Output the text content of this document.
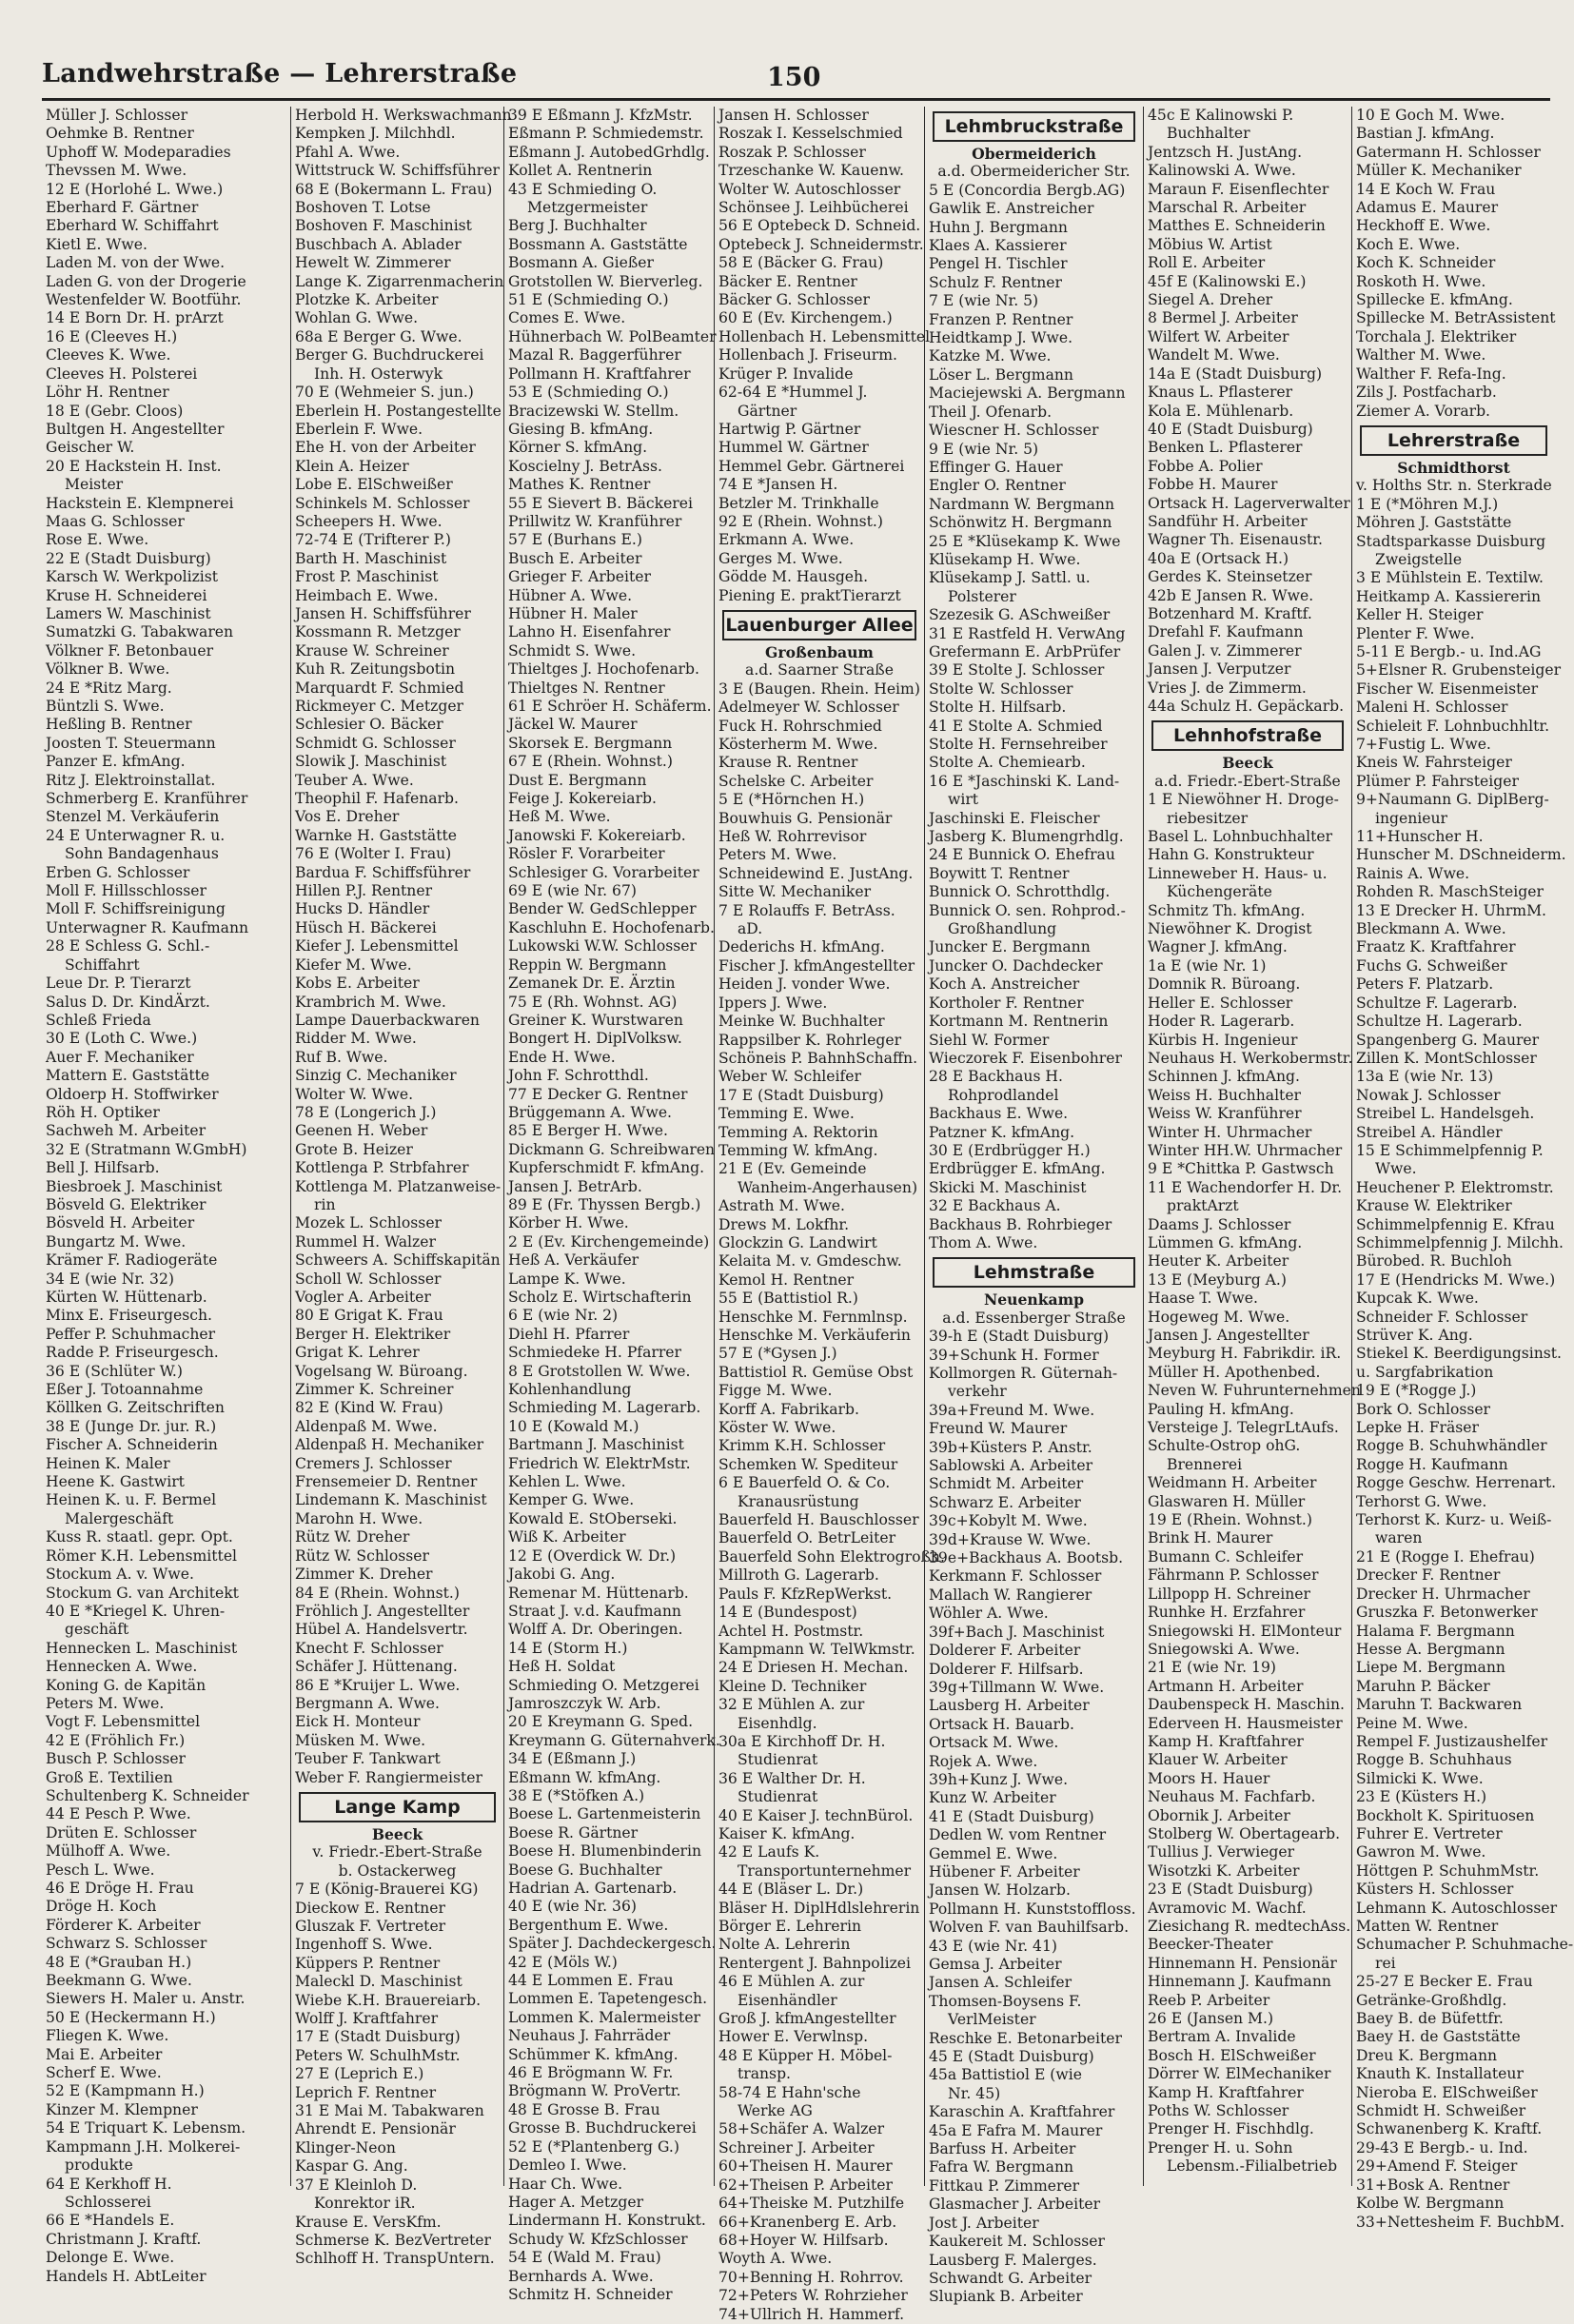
Landwehrstraße — Lehrerstraße	150
Müller J. Schlosser
Oehmke B. Rentner
Uphoff W. Modeparadies
Thevssen M. Wwe.
12 E (Horlohé L. Wwe.)
Eberhard F. Gärtner
Eberhard W. Schiffahrt
Kietl E. Wwe.
Laden M. von der Wwe.
Laden G. von der Drogerie
Westenfelder W. Bootführ.
14 E Born Dr. H. prArzt
16 E (Cleeves H.)
Cleeves K. Wwe.
Cleeves H. Polsterei
Löhr H. Rentner
18 E (Gebr. Cloos)
Bultgen H. Angestellter
Geischer W.
20 E Hackstein H. Inst.
Meister
Hackstein E. Klempnerei
Maas G. Schlosser
Rose E. Wwe.
22 E (Stadt Duisburg)
Karsch W. Werkpolizist
Kruse H. Schneiderei
Lamers W. Maschinist
Sumatzki G. Tabakwaren
Völkner F. Betonbauer
Völkner B. Wwe.
24 E *Ritz Marg.
Büntzli S. Wwe.
Heßling B. Rentner
Joosten T. Steuermann
Panzer E. kfmAng.
Ritz J. Elektroinstallat.
Schmerberg E. Kranführer
Stenzel M. Verkäuferin
24 E Unterwagner R. u.
Sohn Bandagenhaus
Erben G. Schlosser
Moll F. Hillsschlosser
Moll F. Schiffsreinigung
Unterwagner R. Kaufmann
28 E Schless G. Schl.-
Schiffahrt
Leue Dr. P. Tierarzt
Salus D. Dr. KindÄrzt.
Schleß Frieda
30 E (Loth C. Wwe.)
Auer F. Mechaniker
Mattern E. Gaststätte
Oldoerp H. Stoffwirker
Röh H. Optiker
Sachweh M. Arbeiter
32 E (Stratmann W.GmbH)
Bell J. Hilfsarb.
Biesbroek J. Maschinist
Bösveld G. Elektriker
Bösveld H. Arbeiter
Bungartz M. Wwe.
Krämer F. Radiogeräte
34 E (wie Nr. 32)
Kürten W. Hüttenarb.
Minx E. Friseurgesch.
Peffer P. Schuhmacher
Radde P. Friseurgesch.
36 E (Schlüter W.)
Eßer J. Totoannahme
Köllken G. Zeitschriften
38 E (Junge Dr. jur. R.)
Fischer A. Schneiderin
Heinen K. Maler
Heene K. Gastwirt
Heinen K. u. F. Bermel
Malergeschäft
Kuss R. staatl. gepr. Opt.
Römer K.H. Lebensmittel
Stockum A. v. Wwe.
Stockum G. van Architekt
40 E *Kriegel K. Uhren-
geschäft
Hennecken L. Maschinist
Hennecken A. Wwe.
Koning G. de Kapitän
Peters M. Wwe.
Vogt F. Lebensmittel
42 E (Fröhlich Fr.)
Busch P. Schlosser
Groß E. Textilien
Schultenberg K. Schneider
44 E Pesch P. Wwe.
Drüten E. Schlosser
Mülhoff A. Wwe.
Pesch L. Wwe.
46 E Dröge H. Frau
Dröge H. Koch
Förderer K. Arbeiter
Schwarz S. Schlosser
48 E (*Grauban H.)
Beekmann G. Wwe.
Siewers H. Maler u. Anstr.
50 E (Heckermann H.)
Fliegen K. Wwe.
Mai E. Arbeiter
Scherf E. Wwe.
52 E (Kampmann H.)
Kinzer M. Klempner
54 E Triquart K. Lebensm.
Kampmann J.H. Molkerei-
produkte
64 E Kerkhoff H.
Schlosserei
66 E *Handels E.
Christmann J. Kraftf.
Delonge E. Wwe.
Handels H. AbtLeiter
Herbold H. Werkswachmann
Kempken J. Milchhdl.
Pfahl A. Wwe.
Wittstruck W. Schiffsführer
68 E (Bokermann L. Frau)
Boshoven T. Lotse
Boshoven F. Maschinist
Buschbach A. Ablader
Hewelt W. Zimmerer
Lange K. Zigarrenmacherin
Plotzke K. Arbeiter
Wohlan G. Wwe.
68a E Berger G. Wwe.
Berger G. Buchdruckerei
Inh. H. Osterwyk
70 E (Wehmeier S. jun.)
Eberlein H. Postangestellte
Eberlein F. Wwe.
Ehe H. von der Arbeiter
Klein A. Heizer
Lobe E. ElSchweißer
Schinkels M. Schlosser
Scheepers H. Wwe.
72-74 E (Trifterer P.)
Barth H. Maschinist
Frost P. Maschinist
Heimbach E. Wwe.
Jansen H. Schiffsführer
Kossmann R. Metzger
Krause W. Schreiner
Kuh R. Zeitungsbotin
Marquardt F. Schmied
Rickmeyer C. Metzger
Schlesier O. Bäcker
Schmidt G. Schlosser
Slowik J. Maschinist
Teuber A. Wwe.
Theophil F. Hafenarb.
Vos E. Dreher
Warnke H. Gaststätte
76 E (Wolter I. Frau)
Bardua F. Schiffsführer
Hillen P.J. Rentner
Hucks D. Händler
Hüsch H. Bäckerei
Kiefer J. Lebensmittel
Kiefer M. Wwe.
Kobs E. Arbeiter
Krambrich M. Wwe.
Lampe Dauerbackwaren
Ridder M. Wwe.
Ruf B. Wwe.
Sinzig C. Mechaniker
Wolter W. Wwe.
78 E (Longerich J.)
Geenen H. Weber
Grote B. Heizer
Kottlenga P. Strbfahrer
Kottlenga M. Platzanweise-
rin
Mozek L. Schlosser
Rummel H. Walzer
Schweers A. Schiffskapitän
Scholl W. Schlosser
Vogler A. Arbeiter
80 E Grigat K. Frau
Berger H. Elektriker
Grigat K. Lehrer
Vogelsang W. Büroang.
Zimmer K. Schreiner
82 E (Kind W. Frau)
Aldenpaß M. Wwe.
Aldenpaß H. Mechaniker
Cremers J. Schlosser
Frensemeier D. Rentner
Lindemann K. Maschinist
Marohn H. Wwe.
Rütz W. Dreher
Rütz W. Schlosser
Zimmer K. Dreher
84 E (Rhein. Wohnst.)
Fröhlich J. Angestellter
Hübel A. Handelsvertr.
Knecht F. Schlosser
Schäfer J. Hüttenang.
86 E *Kruijer L. Wwe.
Bergmann A. Wwe.
Eick H. Monteur
Müsken M. Wwe.
Teuber F. Tankwart
Weber F. Rangiermeister
Lange Kamp
Beeck
v. Friedr.-Ebert-Straße
b. Ostackerweg
7 E (König-Brauerei KG)
Dieckow E. Rentner
Gluszak F. Vertreter
Ingenhoff S. Wwe.
Küppers P. Rentner
Maleckl D. Maschinist
Wiebe K.H. Brauereiarb.
Wolff J. Kraftfahrer
17 E (Stadt Duisburg)
Peters W. SchulhMstr.
27 E (Leprich E.)
Leprich F. Rentner
31 E Mai M. Tabakwaren
Ahrendt E. Pensionär
Klinger-Neon
Kaspar G. Ang.
37 E Kleinloh D.
Konrektor iR.
Krause E. VersKfm.
Schmerse K. BezVertreter
Schlhoff H. TranspUntern.
39 E Eßmann J. KfzMstr.
Eßmann P. Schmiedemstr.
Eßmann J. AutobedGrhdlg.
Kollet A. Rentnerin
43 E Schmieding O.
Metzgermeister
Berg J. Buchhalter
Bossmann A. Gaststätte
Bosmann A. Gießer
Grotstollen W. Bierverleg.
51 E (Schmieding O.)
Comes E. Wwe.
Hühnerbach W. PolBeamter
Mazal R. Baggerführer
Pollmann H. Kraftfahrer
53 E (Schmieding O.)
Bracizewski W. Stellm.
Giesing B. kfmAng.
Körner S. kfmAng.
Koscielny J. BetrAss.
Mathes K. Rentner
55 E Sievert B. Bäckerei
Prillwitz W. Kranführer
57 E (Burhans E.)
Busch E. Arbeiter
Grieger F. Arbeiter
Hübner A. Wwe.
Hübner H. Maler
Lahno H. Eisenfahrer
Schmidt S. Wwe.
Thieltges J. Hochofenarb.
Thieltges N. Rentner
61 E Schröer H. Schäferm.
Jäckel W. Maurer
Skorsek E. Bergmann
67 E (Rhein. Wohnst.)
Dust E. Bergmann
Feige J. Kokereiarb.
Heß M. Wwe.
Janowski F. Kokereiarb.
Rösler F. Vorarbeiter
Schlesiger G. Vorarbeiter
69 E (wie Nr. 67)
Bender W. GedSchlepper
Kaschluhn E. Hochofenarb.
Lukowski W.W. Schlosser
Reppin W. Bergmann
Zemanek Dr. E. Ärztin
75 E (Rh. Wohnst. AG)
Greiner K. Wurstwaren
Bongert H. DiplVolksw.
Ende H. Wwe.
John F. Schrotthdl.
77 E Decker G. Rentner
Brüggemann A. Wwe.
85 E Berger H. Wwe.
Dickmann G. Schreibwaren
Kupferschmidt F. kfmAng.
Jansen J. BetrArb.
89 E (Fr. Thyssen Bergb.)
Körber H. Wwe.
2 E (Ev. Kirchengemeinde)
Heß A. Verkäufer
Lampe K. Wwe.
Scholz E. Wirtschafterin
6 E (wie Nr. 2)
Diehl H. Pfarrer
Schmiedeke H. Pfarrer
8 E Grotstollen W. Wwe.
Kohlenhandlung
Schmieding M. Lagerarb.
10 E (Kowald M.)
Bartmann J. Maschinist
Friedrich W. ElektrMstr.
Kehlen L. Wwe.
Kemper G. Wwe.
Kowald E. StOberseki.
Wiß K. Arbeiter
12 E (Overdick W. Dr.)
Jakobi G. Ang.
Remenar M. Hüttenarb.
Straat J. v.d. Kaufmann
Wolff A. Dr. Oberingen.
14 E (Storm H.)
Heß H. Soldat
Schmieding O. Metzgerei
Jamroszczyk W. Arb.
20 E Kreymann G. Sped.
Kreymann G. Güternahverk.
34 E (Eßmann J.)
Eßmann W. kfmAng.
38 E (*Stöfken A.)
Boese L. Gartenmeisterin
Boese R. Gärtner
Boese H. Blumenbinderin
Boese G. Buchhalter
Hadrian A. Gartenarb.
40 E (wie Nr. 36)
Bergenthum E. Wwe.
Später J. Dachdeckergesch.
42 E (Möls W.)
44 E Lommen E. Frau
Lommen E. Tapetengesch.
Lommen K. Malermeister
Neuhaus J. Fahrräder
Schümmer K. kfmAng.
46 E Brögmann W. Fr.
Brögmann W. ProVertr.
48 E Grosse B. Frau
Grosse B. Buchdruckerei
52 E (*Plantenberg G.)
Demleo I. Wwe.
Haar Ch. Wwe.
Hager A. Metzger
Lindermann H. Konstrukt.
Schudy W. KfzSchlosser
54 E (Wald M. Frau)
Bernhards A. Wwe.
Schmitz H. Schneider
Jansen H. Schlosser
Roszak I. Kesselschmied
Roszak P. Schlosser
Trzeschanke W. Kauenw.
Wolter W. Autoschlosser
Schönsee J. Leihbücherei
56 E Optebeck D. Schneid.
Optebeck J. Schneidermstr.
58 E (Bäcker G. Frau)
Bäcker E. Rentner
Bäcker G. Schlosser
60 E (Ev. Kirchengem.)
Hollenbach H. Lebensmittel
Hollenbach J. Friseurm.
Krüger P. Invalide
62-64 E *Hummel J.
Gärtner
Hartwig P. Gärtner
Hummel W. Gärtner
Hemmel Gebr. Gärtnerei
74 E *Jansen H.
Betzler M. Trinkhalle
92 E (Rhein. Wohnst.)
Erkmann A. Wwe.
Gerges M. Wwe.
Gödde M. Hausgeh.
Piening E. praktTierarzt
Lauenburger Allee
Großenbaum
a.d. Saarner Straße
3 E (Baugen. Rhein. Heim)
Adelmeyer W. Schlosser
Fuck H. Rohrschmied
Kösterherm M. Wwe.
Krause R. Rentner
Schelske C. Arbeiter
5 E (*Hörnchen H.)
Bouwhuis G. Pensionär
Heß W. Rohrrevisor
Peters M. Wwe.
Schneidewind E. JustAng.
Sitte W. Mechaniker
7 E Rolauffs F. BetrAss.
aD.
Dederichs H. kfmAng.
Fischer J. kfmAngestellter
Heiden J. vonder Wwe.
Ippers J. Wwe.
Meinke W. Buchhalter
Rappsilber K. Rohrleger
Schöneis P. BahnhSchaffn.
Weber W. Schleifer
17 E (Stadt Duisburg)
Temming E. Wwe.
Temming A. Rektorin
Temming W. kfmAng.
21 E (Ev. Gemeinde
Wanheim-Angerhausen)
Astrath M. Wwe.
Drews M. Lokfhr.
Glockzin G. Landwirt
Kelaita M. v. Gmdeschw.
Kemol H. Rentner
55 E (Battistiol R.)
Henschke M. Fernmlnsp.
Henschke M. Verkäuferin
57 E (*Gysen J.)
Battistiol R. Gemüse Obst
Figge M. Wwe.
Korff A. Fabrikarb.
Köster W. Wwe.
Krimm K.H. Schlosser
Schemken W. Spediteur
6 E Bauerfeld O. & Co.
Kranausrüstung
Bauerfeld H. Bauschlosser
Bauerfeld O. BetrLeiter
Bauerfeld Sohn Elektrogroßh.
Millroth G. Lagerarb.
Pauls F. KfzRepWerkst.
14 E (Bundespost)
Achtel H. Postmstr.
Kampmann W. TelWkmstr.
24 E Driesen H. Mechan.
Kleine D. Techniker
32 E Mühlen A. zur
Eisenhdlg.
30a E Kirchhoff Dr. H.
Studienrat
36 E Walther Dr. H.
Studienrat
40 E Kaiser J. technBürol.
Kaiser K. kfmAng.
42 E Laufs K.
Transportunternehmer
44 E (Bläser L. Dr.)
Bläser H. DiplHdlslehrerin
Börger E. Lehrerin
Nolte A. Lehrerin
Rentergent J. Bahnpolizei
46 E Mühlen A. zur
Eisenhändler
Groß J. kfmAngestellter
Hower E. Verwlnsp.
48 E Küpper H. Möbel-
transp.
58-74 E Hahn'sche
Werke AG
58+Schäfer A. Walzer
Schreiner J. Arbeiter
60+Theisen H. Maurer
62+Theisen P. Arbeiter
64+Theiske M. Putzhilfe
66+Kranenberg E. Arb.
68+Hoyer W. Hilfsarb.
Woyth A. Wwe.
70+Benning H. Rohrrov.
72+Peters W. Rohrzieher
74+Ullrich H. Hammerf.
Lehmbruckstraße
Obermeiderich
a.d. Obermeidericher Str.
5 E (Concordia Bergb.AG)
Gawlik E. Anstreicher
Huhn J. Bergmann
Klaes A. Kassierer
Pengel H. Tischler
Schulz F. Rentner
7 E (wie Nr. 5)
Franzen P. Rentner
Heidtkamp J. Wwe.
Katzke M. Wwe.
Löser L. Bergmann
Maciejewski A. Bergmann
Theil J. Ofenarb.
Wiescner H. Schlosser
9 E (wie Nr. 5)
Effinger G. Hauer
Engler O. Rentner
Nardmann W. Bergmann
Schönwitz H. Bergmann
25 E *Klüsekamp K. Wwe
Klüsekamp H. Wwe.
Klüsekamp J. Sattl. u.
Polsterer
Szezesik G. ASchweißer
31 E Rastfeld H. VerwAng
Grefermann E. ArbPrüfer
39 E Stolte J. Schlosser
Stolte W. Schlosser
Stolte H. Hilfsarb.
41 E Stolte A. Schmied
Stolte H. Fernsehreiber
Stolte A. Chemiearb.
16 E *Jaschinski K. Land-
wirt
Jaschinski E. Fleischer
Jasberg K. Blumengrhdlg.
24 E Bunnick O. Ehefrau
Boywitt T. Rentner
Bunnick O. Schrotthdlg.
Bunnick O. sen. Rohprod.-
Großhandlung
Juncker E. Bergmann
Juncker O. Dachdecker
Koch A. Anstreicher
Kortholer F. Rentner
Kortmann M. Rentnerin
Siehl W. Former
Wieczorek F. Eisenbohrer
28 E Backhaus H.
Rohprodlandel
Backhaus E. Wwe.
Patzner K. kfmAng.
30 E (Erdbrügger H.)
Erdbrügger E. kfmAng.
Skicki M. Maschinist
32 E Backhaus A.
Backhaus B. Rohrbieger
Thom A. Wwe.
Lehmstraße
Neuenkamp
a.d. Essenberger Straße
39-h E (Stadt Duisburg)
39+Schunk H. Former
Kollmorgen R. Güternah-
verkehr
39a+Freund M. Wwe.
Freund W. Maurer
39b+Küsters P. Anstr.
Sablowski A. Arbeiter
Schmidt M. Arbeiter
Schwarz E. Arbeiter
39c+Kobylt M. Wwe.
39d+Krause W. Wwe.
39e+Backhaus A. Bootsb.
Kerkmann F. Schlosser
Mallach W. Rangierer
Wöhler A. Wwe.
39f+Bach J. Maschinist
Dolderer F. Arbeiter
Dolderer F. Hilfsarb.
39g+Tillmann W. Wwe.
Lausberg H. Arbeiter
Ortsack H. Bauarb.
Ortsack M. Wwe.
Rojek A. Wwe.
39h+Kunz J. Wwe.
Kunz W. Arbeiter
41 E (Stadt Duisburg)
Dedlen W. vom Rentner
Gemmel E. Wwe.
Hübener F. Arbeiter
Jansen W. Holzarb.
Pollmann H. Kunststoffloss.
Wolven F. van Bauhilfsarb.
43 E (wie Nr. 41)
Gemsa J. Arbeiter
Jansen A. Schleifer
Thomsen-Boysens F.
VerlMeister
Reschke E. Betonarbeiter
45 E (Stadt Duisburg)
45a Battistiol E (wie
Nr. 45)
Karaschin A. Kraftfahrer
45a E Fafra M. Maurer
Barfuss H. Arbeiter
Fafra W. Bergmann
Fittkau P. Zimmerer
Glasmacher J. Arbeiter
Jost J. Arbeiter
Kaukereit M. Schlosser
Lausberg F. Malerges.
Schwandt G. Arbeiter
Slupiank B. Arbeiter
45c E Kalinowski P.
Buchhalter
Jentzsch H. JustAng.
Kalinowski A. Wwe.
Maraun F. Eisenflechter
Marschal R. Arbeiter
Matthes E. Schneiderin
Möbius W. Artist
Roll E. Arbeiter
45f E (Kalinowski E.)
Siegel A. Dreher
8 Bermel J. Arbeiter
Wilfert W. Arbeiter
Wandelt M. Wwe.
14a E (Stadt Duisburg)
Knaus L. Pflasterer
Kola E. Mühlenarb.
40 E (Stadt Duisburg)
Benken L. Pflasterer
Fobbe A. Polier
Fobbe H. Maurer
Ortsack H. Lagerverwalter
Sandführ H. Arbeiter
Wagner Th. Eisenaustr.
40a E (Ortsack H.)
Gerdes K. Steinsetzer
42b E Jansen R. Wwe.
Botzenhard M. Kraftf.
Drefahl F. Kaufmann
Galen J. v. Zimmerer
Jansen J. Verputzer
Vries J. de Zimmerm.
44a Schulz H. Gepäckarb.
Lehnhofstraße
Beeck
a.d. Friedr.-Ebert-Straße
1 E Niewöhner H. Droge-
riebesitzer
Basel L. Lohnbuchhalter
Hahn G. Konstrukteur
Linneweber H. Haus- u.
Küchengeräte
Schmitz Th. kfmAng.
Niewöhner K. Drogist
Wagner J. kfmAng.
1a E (wie Nr. 1)
Domnik R. Büroang.
Heller E. Schlosser
Hoder R. Lagerarb.
Kürbis H. Ingenieur
Neuhaus H. Werkobermstr.
Schinnen J. kfmAng.
Weiss H. Buchhalter
Weiss W. Kranführer
Winter H. Uhrmacher
Winter HH.W. Uhrmacher
9 E *Chittka P. Gastwsch
11 E Wachendorfer H. Dr.
praktArzt
Daams J. Schlosser
Lümmen G. kfmAng.
Heuter K. Arbeiter
13 E (Meyburg A.)
Haase T. Wwe.
Hogeweg M. Wwe.
Jansen J. Angestellter
Meyburg H. Fabrikdir. iR.
Müller H. Apothenbed.
Neven W. Fuhrunternehmen
Pauling H. kfmAng.
Versteige J. TelegrLtAufs.
Schulte-Ostrop ohG.
Brennerei
Weidmann H. Arbeiter
Glaswaren H. Müller
19 E (Rhein. Wohnst.)
Brink H. Maurer
Bumann C. Schleifer
Fährmann P. Schlosser
Lillpopp H. Schreiner
Runhke H. Erzfahrer
Sniegowski H. ElMonteur
Sniegowski A. Wwe.
21 E (wie Nr. 19)
Artmann H. Arbeiter
Daubenspeck H. Maschin.
Ederveen H. Hausmeister
Kamp H. Kraftfahrer
Klauer W. Arbeiter
Moors H. Hauer
Neuhaus M. Fachfarb.
Obornik J. Arbeiter
Stolberg W. Obertagearb.
Tullius J. Verwieger
Wisotzki K. Arbeiter
23 E (Stadt Duisburg)
Avramovic M. Wachf.
Ziesichang R. medtechAss.
Beecker-Theater
Hinnemann H. Pensionär
Hinnemann J. Kaufmann
Reeb P. Arbeiter
26 E (Jansen M.)
Bertram A. Invalide
Bosch H. ElSchweißer
Dörrer W. ElMechaniker
Kamp H. Kraftfahrer
Poths W. Schlosser
Prenger H. Fischhdlg.
Prenger H. u. Sohn
Lebensm.-Filialbetrieb
10 E Goch M. Wwe.
Bastian J. kfmAng.
Gatermann H. Schlosser
Müller K. Mechaniker
14 E Koch W. Frau
Adamus E. Maurer
Heckhoff E. Wwe.
Koch E. Wwe.
Koch K. Schneider
Roskoth H. Wwe.
Spillecke E. kfmAng.
Spillecke M. BetrAssistent
Torchala J. Elektriker
Walther M. Wwe.
Walther F. Refa-Ing.
Zils J. Postfacharb.
Ziemer A. Vorarb.
Lehrerstraße
Schmidthorst
v. Holths Str. n. Sterkrade
1 E (*Möhren M.J.)
Möhren J. Gaststätte
Stadtsparkasse Duisburg
Zweigstelle
3 E Mühlstein E. Textilw.
Heitkamp A. Kassiererin
Keller H. Steiger
Plenter F. Wwe.
5-11 E Bergb.- u. Ind.AG
5+Elsner R. Grubensteiger
Fischer W. Eisenmeister
Maleni H. Schlosser
Schieleit F. Lohnbuchhltr.
7+Fustig L. Wwe.
Kneis W. Fahrsteiger
Plümer P. Fahrsteiger
9+Naumann G. DiplBerg-
ingenieur
11+Hunscher H.
Hunscher M. DSchneiderm.
Rainis A. Wwe.
Rohden R. MaschSteiger
13 E Drecker H. UhrmM.
Bleckmann A. Wwe.
Fraatz K. Kraftfahrer
Fuchs G. Schweißer
Peters F. Platzarb.
Schultze F. Lagerarb.
Schultze H. Lagerarb.
Spangenberg G. Maurer
Zillen K. MontSchlosser
13a E (wie Nr. 13)
Nowak J. Schlosser
Streibel L. Handelsgeh.
Streibel A. Händler
15 E Schimmelpfennig P.
Wwe.
Heuchener P. Elektromstr.
Krause W. Elektriker
Schimmelpfennig E. Kfrau
Schimmelpfennig J. Milchh.
Bürobed. R. Buchloh
17 E (Hendricks M. Wwe.)
Kupcak K. Wwe.
Schneider F. Schlosser
Strüver K. Ang.
Stiekel K. Beerdigungsinst.
u. Sargfabrikation
19 E (*Rogge J.)
Bork O. Schlosser
Lepke H. Fräser
Rogge B. Schuhwhändler
Rogge H. Kaufmann
Rogge Geschw. Herrenart.
Terhorst G. Wwe.
Terhorst K. Kurz- u. Weiß-
waren
21 E (Rogge I. Ehefrau)
Drecker F. Rentner
Drecker H. Uhrmacher
Gruszka F. Betonwerker
Halama F. Bergmann
Hesse A. Bergmann
Liepe M. Bergmann
Maruhn P. Bäcker
Maruhn T. Backwaren
Peine M. Wwe.
Rempel F. Justizaushelfer
Rogge B. Schuhhaus
Silmicki K. Wwe.
23 E (Küsters H.)
Bockholt K. Spirituosen
Fuhrer E. Vertreter
Gawron M. Wwe.
Höttgen P. SchuhmMstr.
Küsters H. Schlosser
Lehmann K. Autoschlosser
Matten W. Rentner
Schumacher P. Schuhmache-
rei
25-27 E Becker E. Frau
Getränke-Großhdlg.
Baey B. de Büfettfr.
Baey H. de Gaststätte
Dreu K. Bergmann
Knauth K. Installateur
Nieroba E. ElSchweißer
Schmidt H. Schweißer
Schwanenberg K. Kraftf.
29-43 E Bergb.- u. Ind.
29+Amend F. Steiger
31+Bosk A. Rentner
Kolbe W. Bergmann
33+Nettesheim F. BuchbM.
